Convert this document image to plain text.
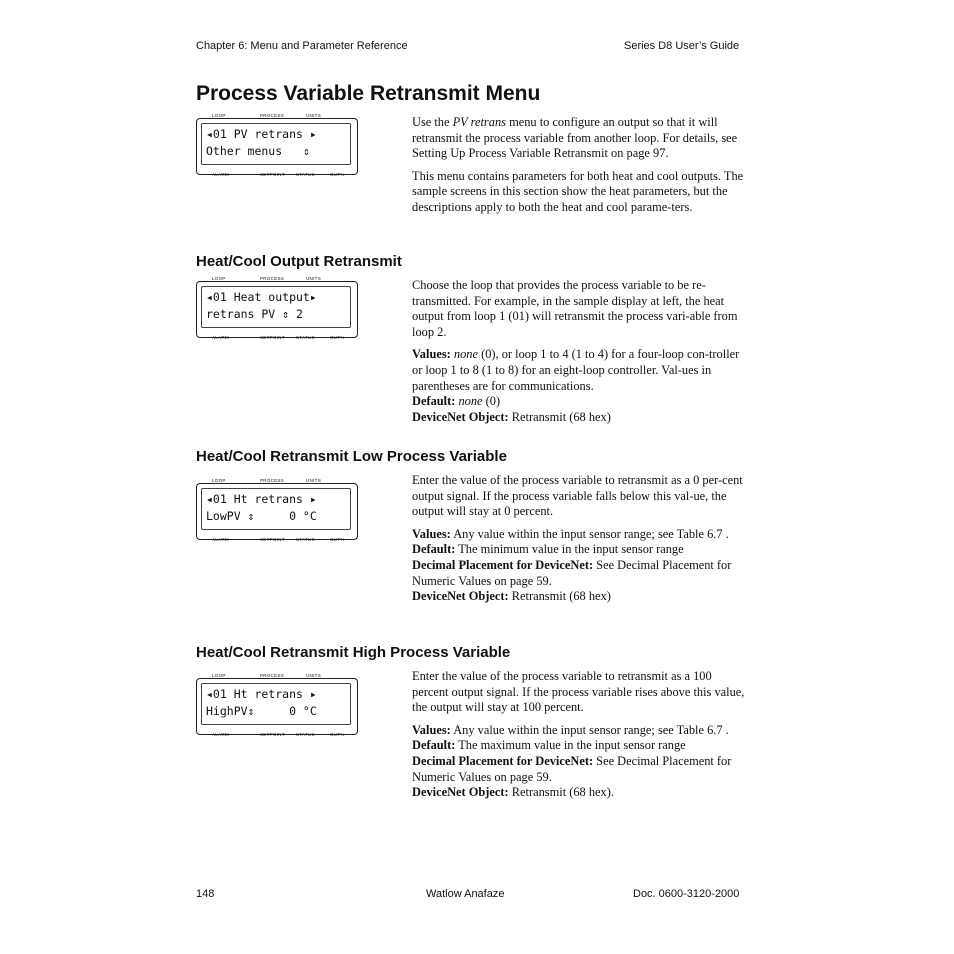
Chapter 6: Menu and Parameter Reference	Series D8 User’s Guide
Process Variable Retransmit Menu
LOOP	PROCESS	UNITS
◂01 PV retrans ▸
Other menus   ⇕
ALARM	SETPOINT STATUS	OUT%

Use the PV retrans menu to configure an output so that it will retransmit the process variable from another loop. For details, see Setting Up Process Variable Retransmit on page 97.

This menu contains parameters for both heat and cool outputs. The sample screens in this section show the heat parameters, but the descriptions apply to both the heat and cool parame-ters.

Heat/Cool Output Retransmit
LOOP	PROCESS	UNITS
◂01 Heat output▸
retrans PV ⇕ 2
ALARM	SETPOINT STATUS	OUT%

Choose the loop that provides the process variable to be re-transmitted. For example, in the sample display at left, the heat output from loop 1 (01) will retransmit the process vari-able from loop 2.

Values: none (0), or loop 1 to 4 (1 to 4) for a four-loop con-troller or loop 1 to 8 (1 to 8) for an eight-loop controller. Val-ues in parentheses are for communications.

Default: none (0)

DeviceNet Object: Retransmit (68 hex)

Heat/Cool Retransmit Low Process Variable
LOOP	PROCESS	UNITS
◂01 Ht retrans ▸
LowPV ⇕     0 °C
ALARM	SETPOINT STATUS	OUT%

Enter the value of the process variable to retransmit as a 0 per-cent output signal. If the process variable falls below this val-ue, the output will stay at 0 percent.

Values: Any value within the input sensor range; see Table 6.7 .

Default: The minimum value in the input sensor range

Decimal Placement for DeviceNet: See Decimal Placement for Numeric Values on page 59.

DeviceNet Object: Retransmit (68 hex)

Heat/Cool Retransmit High Process Variable
LOOP	PROCESS	UNITS
◂01 Ht retrans ▸
HighPV⇕     0 °C
ALARM	SETPOINT STATUS	OUT%

Enter the value of the process variable to retransmit as a 100 percent output signal. If the process variable rises above this value, the output will stay at 100 percent.

Values: Any value within the input sensor range; see Table 6.7 .

Default: The maximum value in the input sensor range

Decimal Placement for DeviceNet: See Decimal Placement for Numeric Values on page 59.

DeviceNet Object: Retransmit (68 hex).

148	Watlow Anafaze	Doc. 0600-3120-2000
